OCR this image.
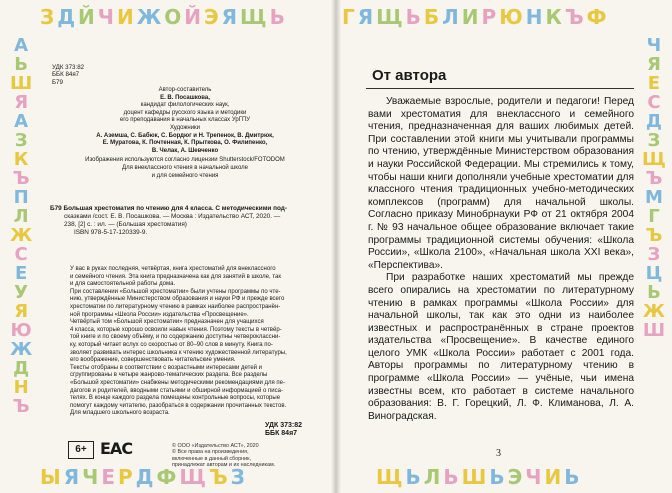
З Д Й Ч И Ж О Й Э Я Щ Ь
А
Ь
Ш
Я
А
З
К
Ъ
П
Л
Ж
С
Е
У
Я
Ю
Ж
Д
Н
Ъ
Ы Я Ч Е Р Д Ф Щ Ъ З
УДК 373:82
ББК 84я7
Б79
Автор-составитель
Е. В. Посашкова,
кандидат филологических наук,
доцент кафедры русского языка и методики
его преподавания в начальных классах УрГПУ
Художники
А. Аземша, С. Бабюк, С. Бордюг и Н. Трепенок, В. Дмитрюк,
Е. Муратова, К. Почтенная, К. Прыткова, О. Филипенко,
В. Челак, А. Шевченко
Изображения используются согласно лицензии Shutterstock/FOTODOM
Для внеклассного чтения в начальной школе
и для семейного чтения
Б79 Большая хрестоматия по чтению для 4 класса. С методическими под-
сказками /сост. Е. В. Посашкова. — Москва : Издательство АСТ, 2020. —
238, [2] с. : ил. — (Большая хрестоматия)
ISBN 978-5-17-120339-9.
У вас в руках последняя, четвёртая, книга хрестоматий для внеклассного
и семейного чтения. Эта книга предназначена как для занятий в школе, так
и для самостоятельной работы дома.
При составлении «Большой хрестоматии» были учтены программы по чте-
нию, утверждённые Министерством образования и науки РФ и прежде всего
хрестоматии по литературному чтению в рамках наиболее распространён-
ной программы «Школа России» издательства «Просвещение».
Четвёртый том «Большой хрестоматии» предназначен для учащихся
4 класса, которые хорошо освоили навык чтения. Поэтому тексты в четвёр-
той книге и по своему объёму, и по содержанию доступны четвероклассни-
ку, который читает вслух со скоростью от 80–90 слов в минуту. Книга по-
зволяет развивать интерес школьника к чтению художественной литературы,
его воображение, совершенствовать читательские умения.
Тексты отобраны в соответствии с возрастными интересами детей и
сгруппированы в четыре жанрово-тематических раздела. Все разделы
«Большой хрестоматии» снабжены методическими рекомендациями для пе-
дагогов и родителей, вводными статьями и обширной информацией о писа-
телях. В конце каждого раздела помещены контрольные вопросы, которые
помогут каждому читателю, разобраться в содержании прочитанных текстов.
Для младшего школьного возраста.
УДК 373:82
ББК 84я7
6+ EAC	© ООО «Издательство АСТ», 2020
© Все права на произведения,
включенные в данный сборник,
принадлежат авторам и их наследникам.
Г Я Щ Ь Б Л И Р Ю Н К Ъ Ф
Ч
Я
Е
С
Д
З
Щ
Ъ
М
Г
Ъ
З
Ц
Ь
Ж
Ш
Щ Ь Л Ь Ш Ь Э Ч И Ь
От автора

Уважаемые взрослые, родители и педагоги! Перед вами хрестоматия для внеклассного и семейного чтения, предназначенная для ваших любимых детей. При составлении этой книги мы учитывали программы по чтению, утверждённые Министерством образования и науки Российской Федерации. Мы стремились к тому, чтобы наши книги дополняли учебные хрестоматии для классного чтения традиционных учебно-методических комплексов (программ) для начальной школы. Согласно приказу Минобрнауки РФ от 21 октября 2004 г. № 93 начальное общее образование включает такие программы традиционной системы обучения: «Школа России», «Школа 2100», «Начальная школа XXI века», «Перспектива».

При разработке наших хрестоматий мы прежде всего опирались на хрестоматии по литературному чтению в рамках программы «Школа России» для начальной школы, так как это одни из наиболее известных и распространённых в стране проектов издательства «Просвещение». В качестве единого целого УМК «Школа России» работает с 2001 года. Авторы программы по литературному чтению в программе «Школа России» — учёные, чьи имена известны всем, кто работает в системе начального образования: В. Г. Горецкий, Л. Ф. Климанова, Л. А. Виноградская.

3
